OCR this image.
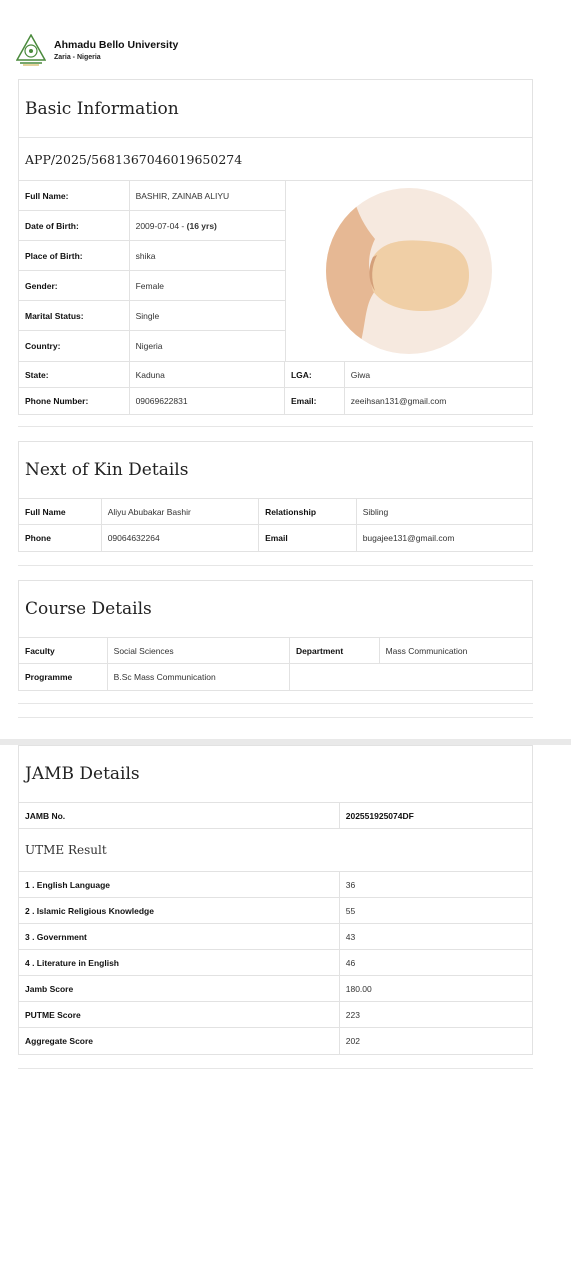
Ahmadu Bello University
Zaria - Nigeria
Basic Information
APP/2025/5681367046019650274
Full Name:	BASHIR, ZAINAB ALIYU
Date of Birth:	2009-07-04 -
(16 yrs)
Place of Birth:	shika
Gender:	Female
Marital Status:	Single
Country:	Nigeria
State:	Kaduna	LGA:	Giwa
Phone Number:	09069622831	Email:	zeeihsan131@gmail.com
Next of Kin Details
Full Name	Aliyu Abubakar Bashir	Relationship	Sibling
Phone	09064632264	Email	bugajee131@gmail.com
Course Details
Faculty	Social Sciences	Department	Mass Communication
Programme	B.Sc Mass Communication
JAMB Details
JAMB No.	202551925074DF
UTME Result
1 . English Language	36
2 . Islamic Religious Knowledge	55
3 . Government	43
4 . Literature in English	46
Jamb Score	180.00
PUTME Score	223
Aggregate Score	202
